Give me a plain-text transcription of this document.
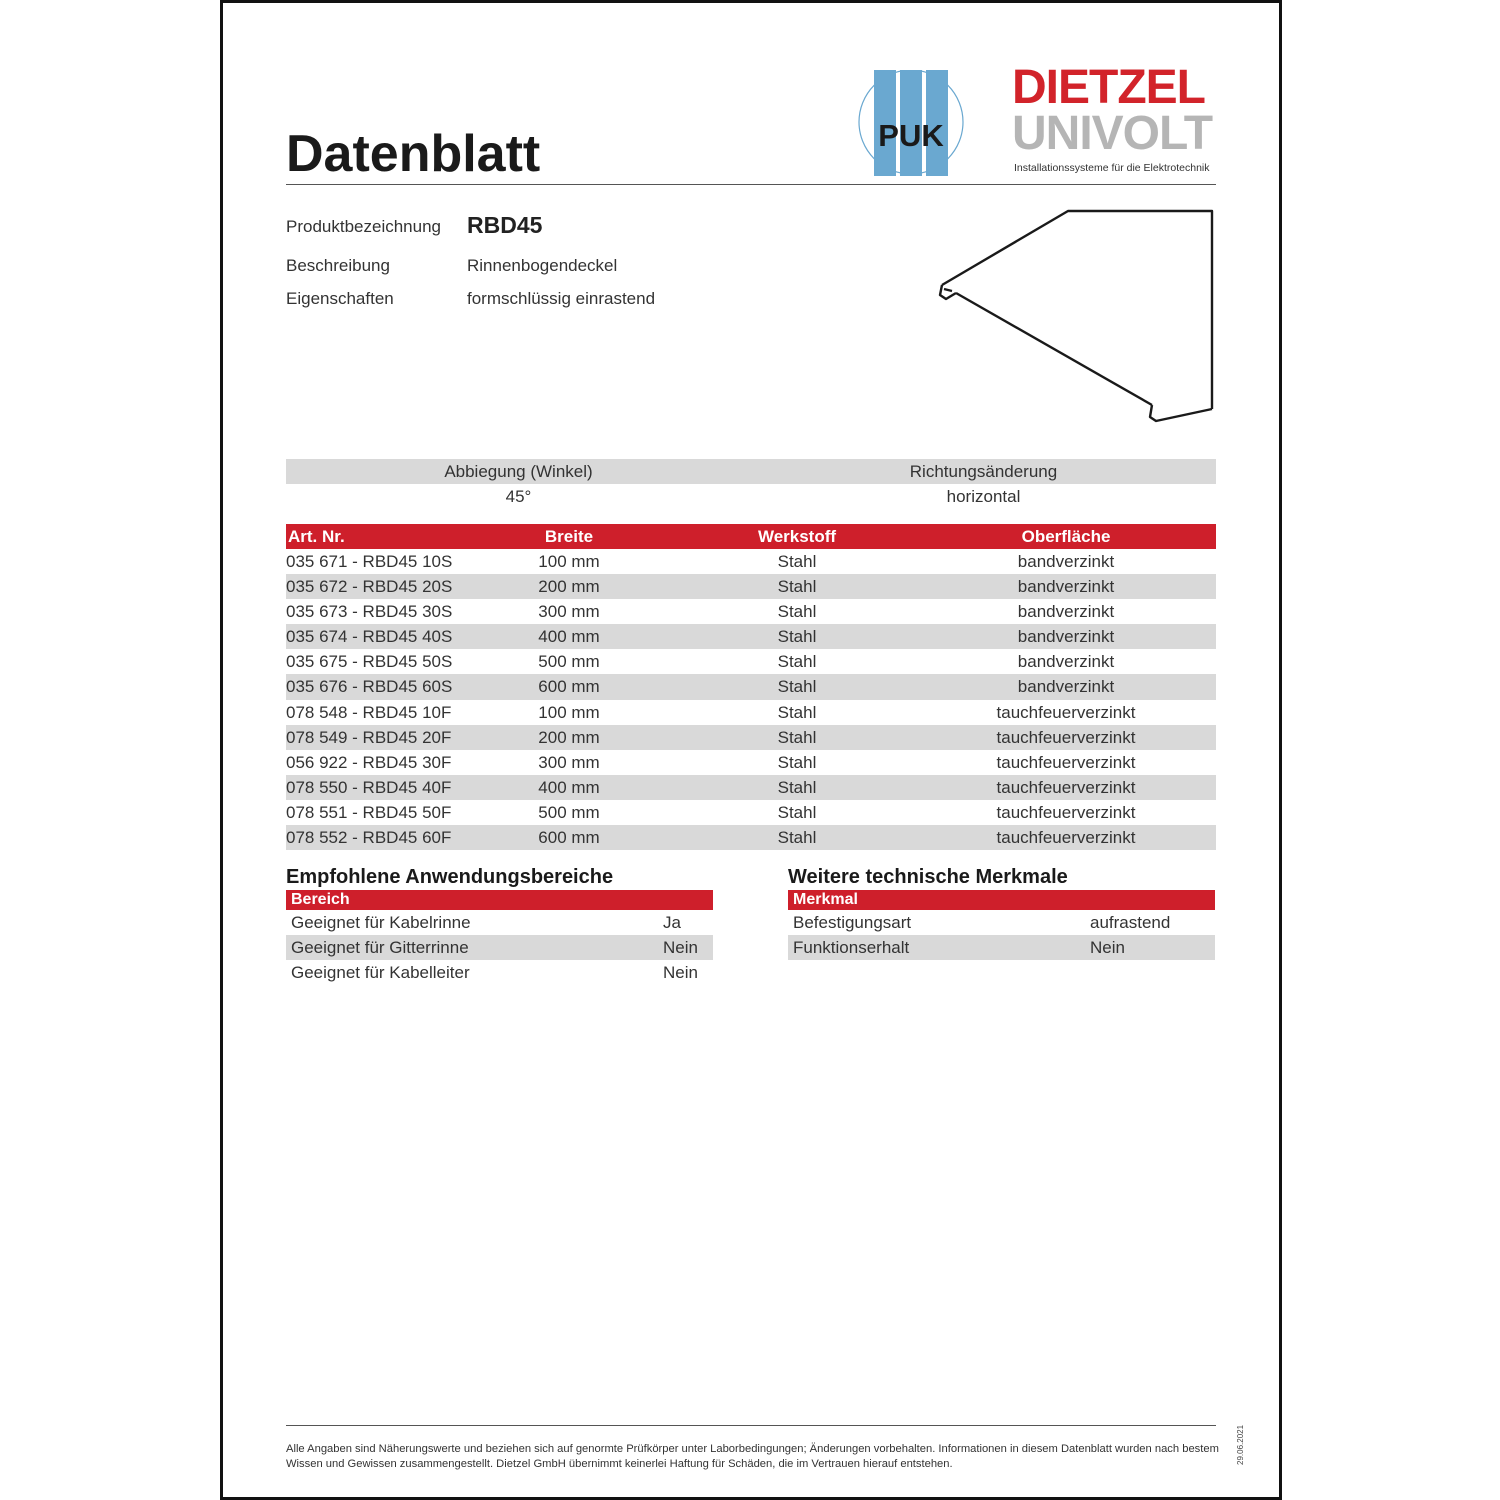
Datenblatt	PUK
DIETZEL
UNIVOLT
Installationssysteme für die Elektrotechnik
Produktbezeichnung RBD45
Beschreibung	Rinnenbogendeckel
Eigenschaften	formschlüssig einrastend
Abbiegung (Winkel)	Richtungsänderung
45°	horizontal
Art. Nr.	Breite	Werkstoff	Oberfläche
035 671 - RBD45 10S	100 mm	Stahl	bandverzinkt
035 672 - RBD45 20S	200 mm	Stahl	bandverzinkt
035 673 - RBD45 30S	300 mm	Stahl	bandverzinkt
035 674 - RBD45 40S	400 mm	Stahl	bandverzinkt
035 675 - RBD45 50S	500 mm	Stahl	bandverzinkt
035 676 - RBD45 60S	600 mm	Stahl	bandverzinkt
078 548 - RBD45 10F	100 mm	Stahl	tauchfeuerverzinkt
078 549 - RBD45 20F	200 mm	Stahl	tauchfeuerverzinkt
056 922 - RBD45 30F	300 mm	Stahl	tauchfeuerverzinkt
078 550 - RBD45 40F	400 mm	Stahl	tauchfeuerverzinkt
078 551 - RBD45 50F	500 mm	Stahl	tauchfeuerverzinkt
078 552 - RBD45 60F	600 mm	Stahl	tauchfeuerverzinkt
Empfohlene Anwendungsbereiche
Bereich
Geeignet für Kabelrinne	Ja
Geeignet für Gitterrinne	Nein
Geeignet für Kabelleiter	Nein
Weitere technische Merkmale
Merkmal
Befestigungsart	aufrastend
Funktionserhalt	Nein
Alle Angaben sind Näherungswerte und beziehen sich auf genormte Prüfkörper unter Laborbedingungen; Änderungen vorbehalten. Informationen in diesem Datenblatt wurden nach bestem Wissen und Gewissen zusammengestellt. Dietzel GmbH übernimmt keinerlei Haftung für Schäden, die im Vertrauen hierauf entstehen.	29.06.2021
